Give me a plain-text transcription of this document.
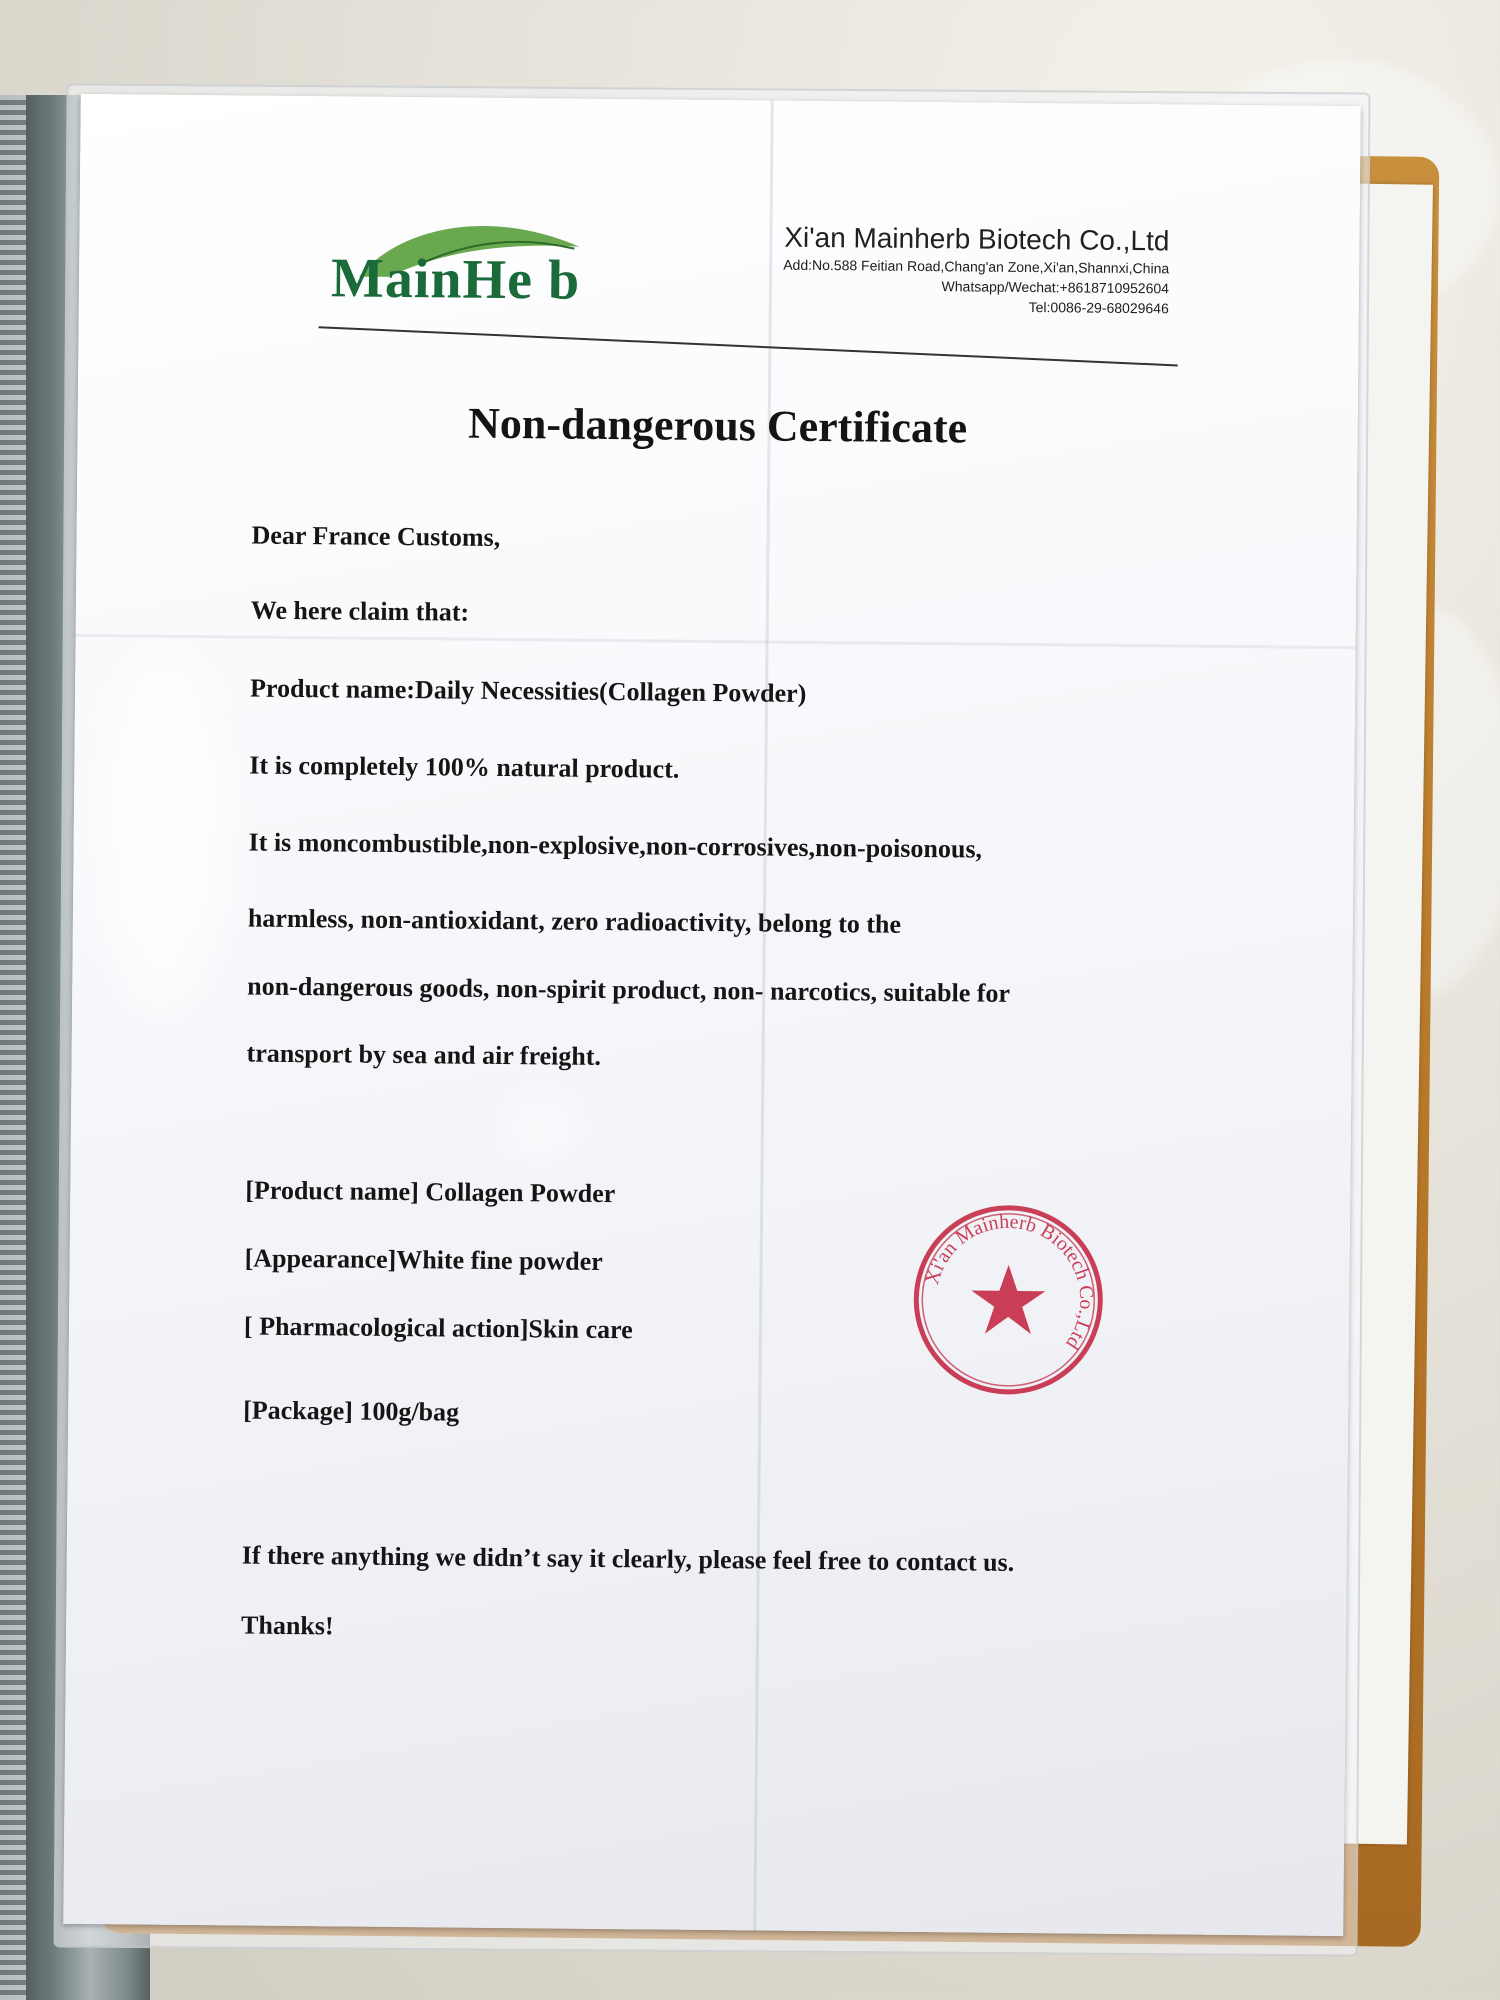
MainHe b
Xi'an Mainherb Biotech Co.,Ltd
Add:No.588 Feitian Road,Chang'an Zone,Xi'an,Shannxi,China
Whatsapp/Wechat:+8618710952604
Tel:0086-29-68029646
Non-dangerous Certificate
Dear France Customs,
We here claim that:
Product name:Daily Necessities(Collagen Powder)
It is completely 100% natural product.
It is moncombustible,non-explosive,non-corrosives,non-poisonous,
harmless, non-antioxidant, zero radioactivity, belong to the
non-dangerous goods, non-spirit product, non- narcotics, suitable for
transport by sea and air freight.
[Product name] Collagen Powder
[Appearance]White fine powder
[ Pharmacological action]Skin care
[Package] 100g/bag
If there anything we didn’t say it clearly, please feel free to contact us.
Thanks!
Xi'an Mainherb Biotech Co.,Ltd
